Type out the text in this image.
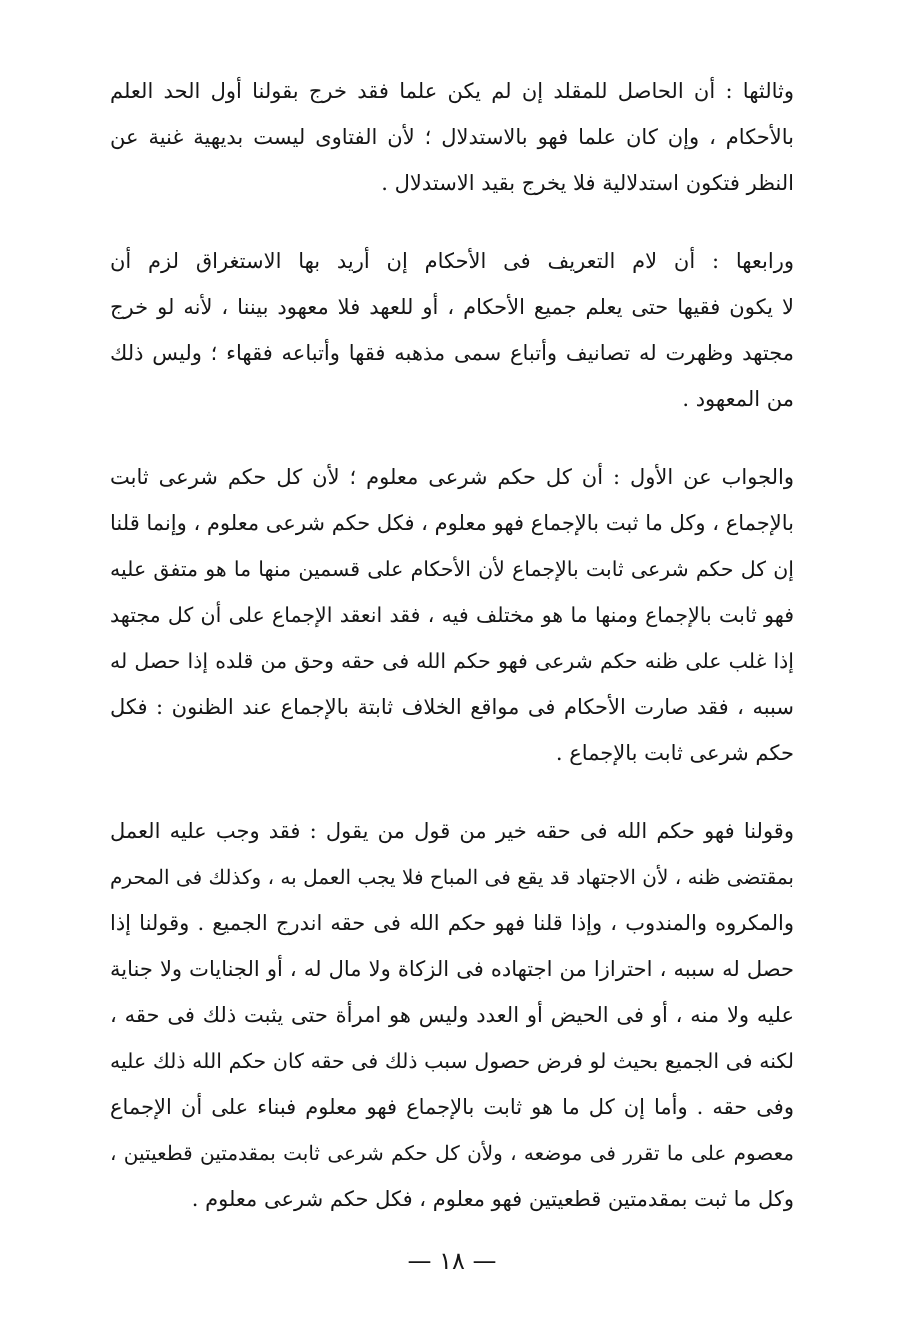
وثالثها : أن الحاصل للمقلد إن لم يكن علما فقد خرج بقولنا أول الحد العلم
بالأحكام ، وإن كان علما فهو بالاستدلال ؛ لأن الفتاوى ليست بديهية غنية عن
النظر فتكون استدلالية فلا يخرج بقيد الاستدلال .
ورابعها : أن لام التعريف فى الأحكام إن أريد بها الاستغراق لزم أن
لا يكون فقيها حتى يعلم جميع الأحكام ، أو للعهد فلا معهود بيننا ، لأنه لو خرج
مجتهد وظهرت له تصانيف وأتباع سمى مذهبه فقها وأتباعه فقهاء ؛ وليس ذلك
من المعهود .
والجواب عن الأول : أن كل حكم شرعى معلوم ؛ لأن كل حكم شرعى ثابت
بالإجماع ، وكل ما ثبت بالإجماع فهو معلوم ، فكل حكم شرعى معلوم ، وإنما قلنا
إن كل حكم شرعى ثابت بالإجماع لأن الأحكام على قسمين منها ما هو متفق عليه
فهو ثابت بالإجماع ومنها ما هو مختلف فيه ، فقد انعقد الإجماع على أن كل مجتهد
إذا غلب على ظنه حكم شرعى فهو حكم الله فى حقه وحق من قلده إذا حصل له
سببه ، فقد صارت الأحكام فى مواقع الخلاف ثابتة بالإجماع عند الظنون : فكل
حكم شرعى ثابت بالإجماع .
وقولنا فهو حكم الله فى حقه خير من قول من يقول : فقد وجب عليه العمل
بمقتضى ظنه ، لأن الاجتهاد قد يقع فى المباح فلا يجب العمل به ، وكذلك فى المحرم
والمكروه والمندوب ، وإذا قلنا فهو حكم الله فى حقه اندرج الجميع . وقولنا إذا
حصل له سببه ، احترازا من اجتهاده فى الزكاة ولا مال له ، أو الجنايات ولا جناية
عليه ولا منه ، أو فى الحيض أو العدد وليس هو امرأة حتى يثبت ذلك فى حقه ،
لكنه فى الجميع بحيث لو فرض حصول سبب ذلك فى حقه كان حكم الله ذلك عليه
وفى حقه . وأما إن كل ما هو ثابت بالإجماع فهو معلوم فبناء على أن الإجماع
معصوم على ما تقرر فى موضعه ، ولأن كل حكم شرعى ثابت بمقدمتين قطعيتين ،
وكل ما ثبت بمقدمتين قطعيتين فهو معلوم ، فكل حكم شرعى معلوم .
— ١٨ —
